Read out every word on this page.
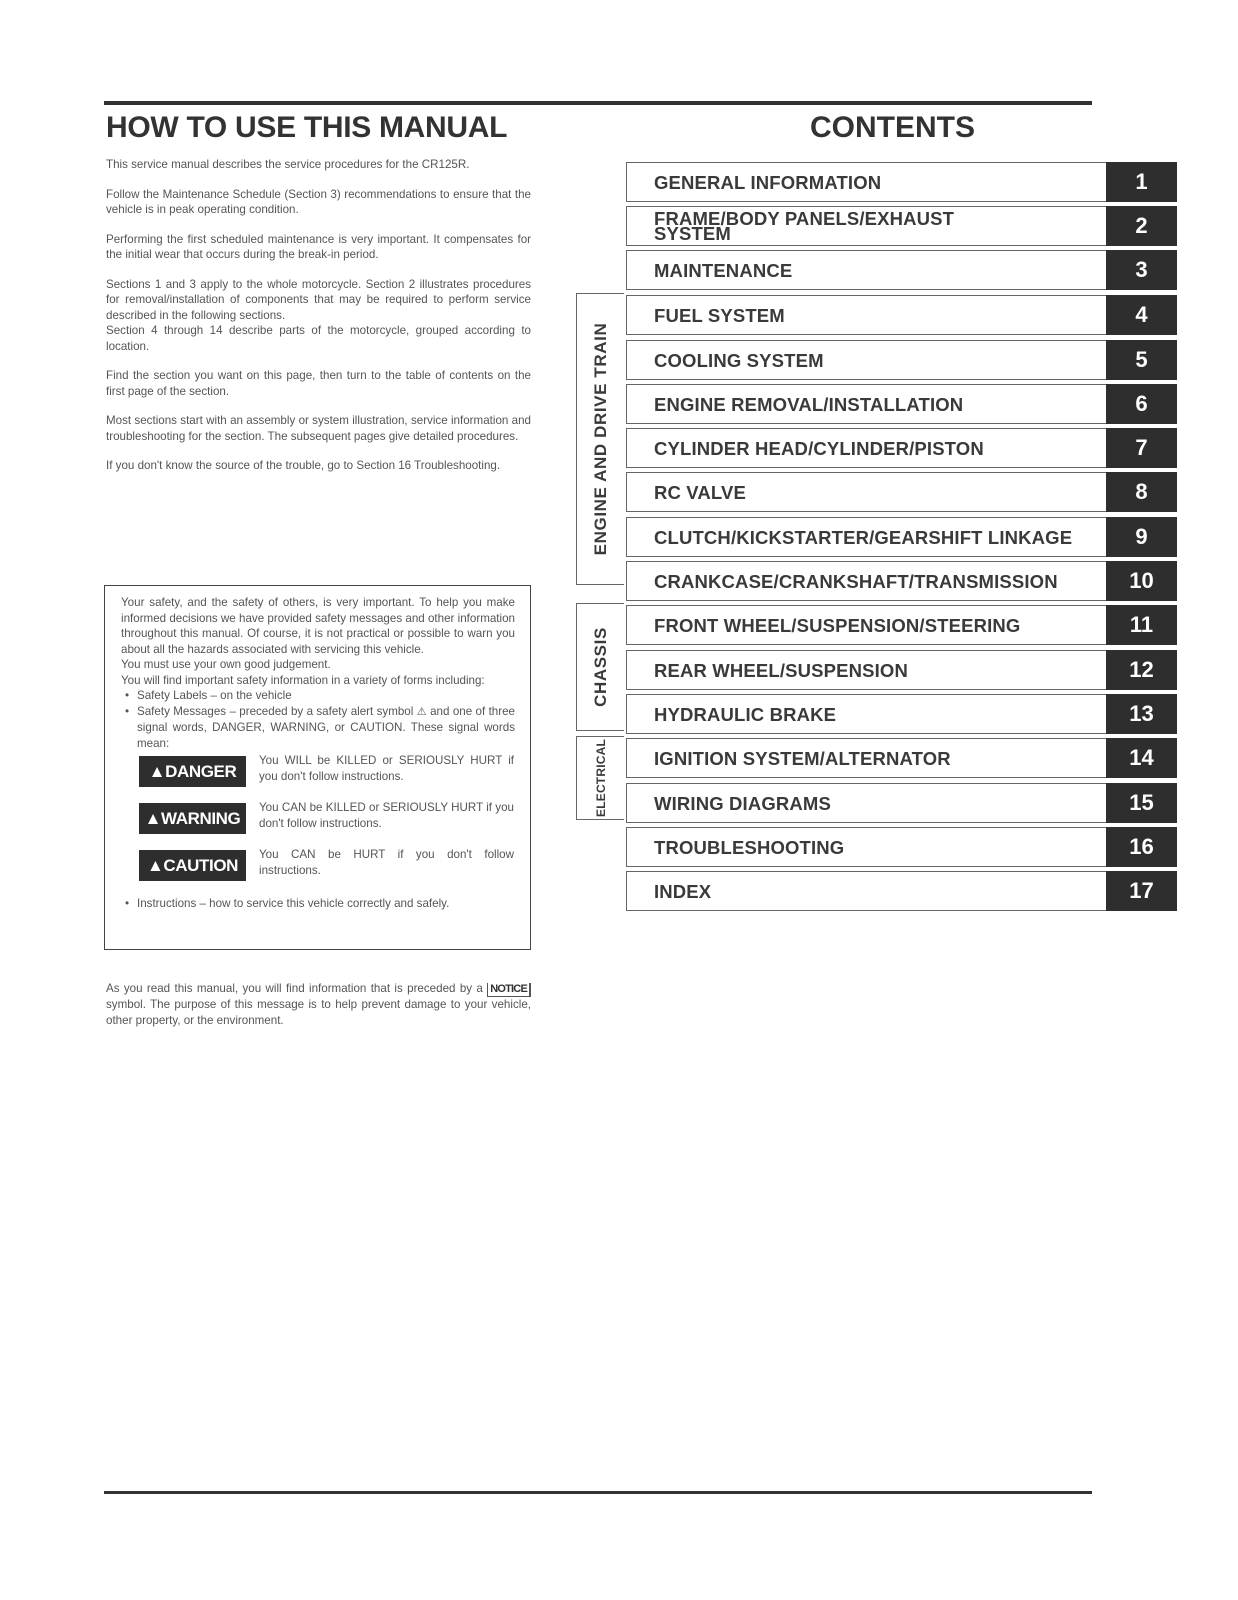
HOW TO USE THIS MANUAL	CONTENTS

This service manual describes the service procedures for the CR125R.

Follow the Maintenance Schedule (Section 3) recommendations to ensure that the vehicle is in peak operating condition.

Performing the first scheduled maintenance is very important. It compensates for the initial wear that occurs during the break-in period.

Sections 1 and 3 apply to the whole motorcycle. Section 2 illustrates procedures for removal/installation of components that may be required to perform service described in the following sections.

Section 4 through 14 describe parts of the motorcycle, grouped according to location.

Find the section you want on this page, then turn to the table of contents on the first page of the section.

Most sections start with an assembly or system illustration, service information and troubleshooting for the section. The subsequent pages give detailed procedures.

If you don't know the source of the trouble, go to Section 16 Troubleshooting.

Your safety, and the safety of others, is very important. To help you make informed decisions we have provided safety messages and other information throughout this manual. Of course, it is not practical or possible to warn you about all the hazards associated with servicing this vehicle.
You must use your own good judgement.
You will find important safety information in a variety of forms including:
• Safety Labels – on the vehicle
• Safety Messages – preceded by a safety alert symbol ⚠ and one of three signal words, DANGER, WARNING, or CAUTION. These signal words mean:
▲DANGER
You WILL be KILLED or SERIOUSLY HURT if you don't follow instructions.
▲WARNING
You CAN be KILLED or SERIOUSLY HURT if you don't follow instructions.
▲CAUTION
You CAN be HURT if you don't follow instructions.
• Instructions – how to service this vehicle correctly and safely.
As you read this manual, you will find information that is preceded by a NOTICE symbol. The purpose of this message is to help prevent damage to your vehicle, other property, or the environment.
ENGINE AND DRIVE TRAIN
CHASSIS
ELECTRICAL
GENERAL INFORMATION	1
FRAME/BODY PANELS/EXHAUST SYSTEM	2
MAINTENANCE	3
FUEL SYSTEM	4
COOLING SYSTEM	5
ENGINE REMOVAL/INSTALLATION	6
CYLINDER HEAD/CYLINDER/PISTON	7
RC VALVE	8
CLUTCH/KICKSTARTER/GEARSHIFT LINKAGE	9
CRANKCASE/CRANKSHAFT/TRANSMISSION	10
FRONT WHEEL/SUSPENSION/STEERING	11
REAR WHEEL/SUSPENSION	12
HYDRAULIC BRAKE	13
IGNITION SYSTEM/ALTERNATOR	14
WIRING DIAGRAMS	15
TROUBLESHOOTING	16
INDEX	17
